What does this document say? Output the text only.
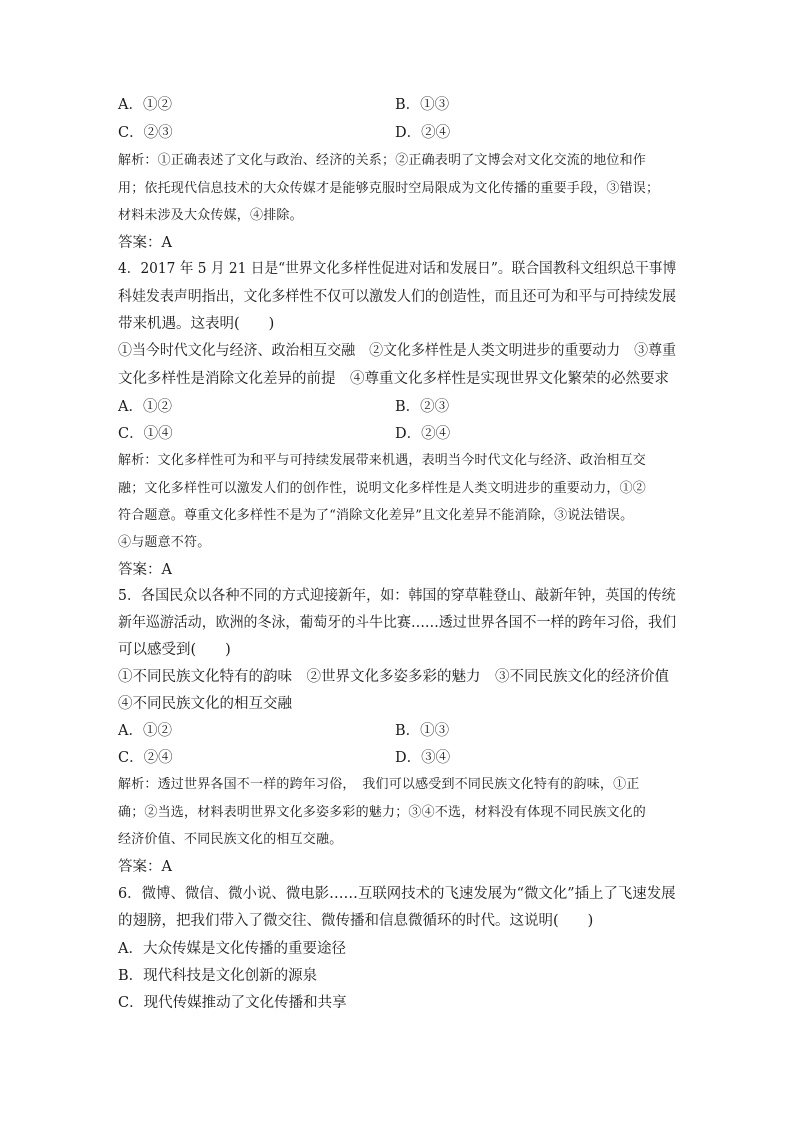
A．①②	B．①③
C．②③	D．②④
解析：①正确表述了文化与政治、经济的关系；②正确表明了文博会对文化交流的地位和作
用；依托现代信息技术的大众传媒才是能够克服时空局限成为文化传播的重要手段，③错误；
材料未涉及大众传媒，④排除。
答案：A
4．2017 年 5 月 21 日是“世界文化多样性促进对话和发展日”。联合国教科文组织总干事博
科娃发表声明指出，文化多样性不仅可以激发人们的创造性，而且还可为和平与可持续发展
带来机遇。这表明(　　)
①当今时代文化与经济、政治相互交融　②文化多样性是人类文明进步的重要动力　③尊重
文化多样性是消除文化差异的前提　④尊重文化多样性是实现世界文化繁荣的必然要求
A．①②	B．②③
C．①④	D．②④
解析：文化多样性可为和平与可持续发展带来机遇，表明当今时代文化与经济、政治相互交
融；文化多样性可以激发人们的创作性，说明文化多样性是人类文明进步的重要动力，①②
符合题意。尊重文化多样性不是为了“消除文化差异”且文化差异不能消除，③说法错误。
④与题意不符。
答案：A
5．各国民众以各种不同的方式迎接新年，如：韩国的穿草鞋登山、敲新年钟，英国的传统
新年巡游活动，欧洲的冬泳，葡萄牙的斗牛比赛……透过世界各国不一样的跨年习俗，我们
可以感受到(　　)
①不同民族文化特有的韵味　②世界文化多姿多彩的魅力　③不同民族文化的经济价值
④不同民族文化的相互交融
A．①②	B．①③
C．②④	D．③④
解析：透过世界各国不一样的跨年习俗，　我们可以感受到不同民族文化特有的韵味，①正
确；②当选，材料表明世界文化多姿多彩的魅力；③④不选，材料没有体现不同民族文化的
经济价值、不同民族文化的相互交融。
答案：A
6．微博、微信、微小说、微电影……互联网技术的飞速发展为“微文化”插上了飞速发展
的翅膀，把我们带入了微交往、微传播和信息微循环的时代。这说明(　　)
A．大众传媒是文化传播的重要途径
B．现代科技是文化创新的源泉
C．现代传媒推动了文化传播和共享
